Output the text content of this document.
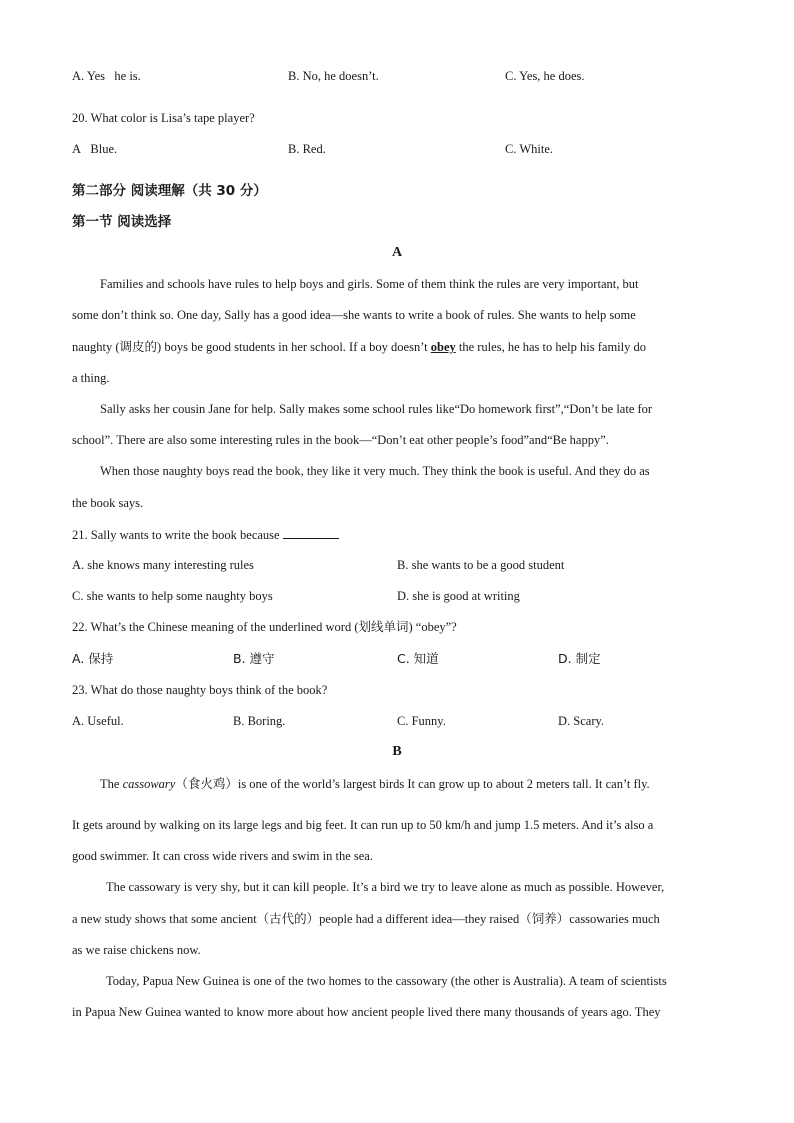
A. Yes he is.	B. No, he doesn’t.	C. Yes, he does.
20. What color is Lisa’s tape player?
A Blue.	B. Red.	C. White.
第二部分 阅读理解（共 30 分）
第一节 阅读选择
A
Families and schools have rules to help boys and girls. Some of them think the rules are very important, but
some don’t think so. One day, Sally has a good idea—she wants to write a book of rules. She wants to help some
naughty (调皮的) boys be good students in her school. If a boy doesn’t obey the rules, he has to help his family do
a thing.
Sally asks her cousin Jane for help. Sally makes some school rules like“Do homework first”,“Don’t be late for
school”. There are also some interesting rules in the book—“Don’t eat other people’s food”and“Be happy”.
When those naughty boys read the book, they like it very much. They think the book is useful. And they do as
the book says.
21. Sally wants to write the book because
A. she knows many interesting rules	B. she wants to be a good student
C. she wants to help some naughty boys	D. she is good at writing
22. What’s the Chinese meaning of the underlined word (划线单词) “obey”?
A. 保持	B. 遵守	C. 知道	D. 制定
23. What do those naughty boys think of the book?
A. Useful.	B. Boring.	C. Funny.	D. Scary.
B
The cassowary（食火鸡）is one of the world’s largest birds It can grow up to about 2 meters tall. It can’t fly.
It gets around by walking on its large legs and big feet. It can run up to 50 km/h and jump 1.5 meters. And it’s also a
good swimmer. It can cross wide rivers and swim in the sea.
The cassowary is very shy, but it can kill people. It’s a bird we try to leave alone as much as possible. However,
a new study shows that some ancient（古代的）people had a different idea—they raised（饲养）cassowaries much
as we raise chickens now.
Today, Papua New Guinea is one of the two homes to the cassowary (the other is Australia). A team of scientists
in Papua New Guinea wanted to know more about how ancient people lived there many thousands of years ago. They
